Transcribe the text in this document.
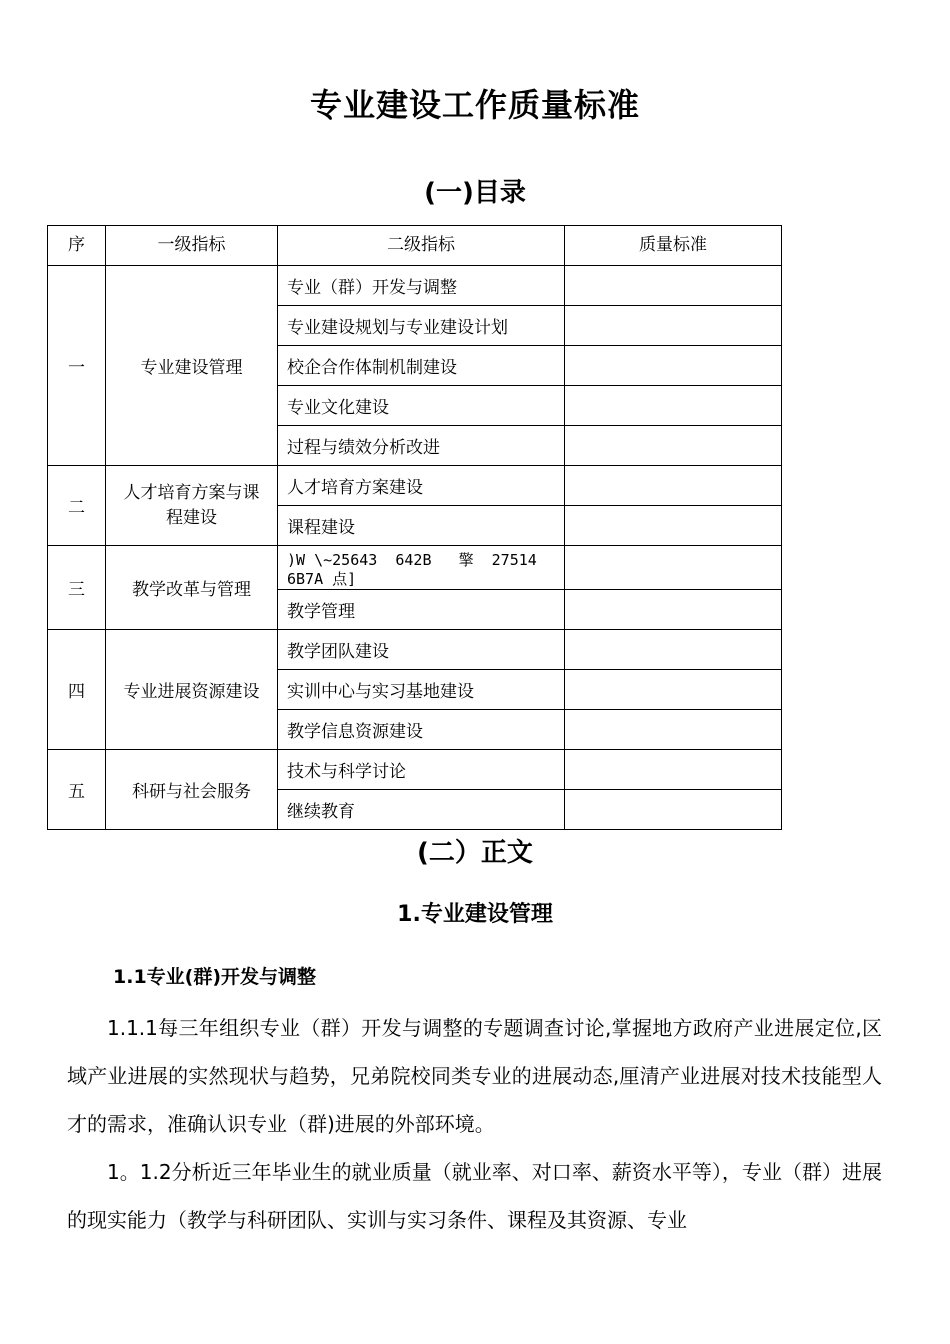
专业建设工作质量标准
(一)目录
序	一级指标	二级指标	质量标准
一	专业建设管理	专业（群）开发与调整	
		专业建设规划与专业建设计划	
		校企合作体制机制建设	
		专业文化建设	
		过程与绩效分析改进	
二	人才培育方案与课程建设	人才培育方案建设	
		课程建设	
三	教学改革与管理	)W \~25643  642B   擎  27514 6B7A 点]	
		教学管理	
四	专业进展资源建设	教学团队建设	
		实训中心与实习基地建设	
		教学信息资源建设	
五	科研与社会服务	技术与科学讨论	
		继续教育	
(二）正文
1.专业建设管理
1.1专业(群)开发与调整

1.1.1每三年组织专业（群）开发与调整的专题调查讨论,掌握地方政府产业进展定位,区域产业进展的实然现状与趋势，兄弟院校同类专业的进展动态,厘清产业进展对技术技能型人才的需求，准确认识专业（群)进展的外部环境。

1。1.2分析近三年毕业生的就业质量（就业率、对口率、薪资水平等），专业（群）进展的现实能力（教学与科研团队、实训与实习条件、课程及其资源、专业
